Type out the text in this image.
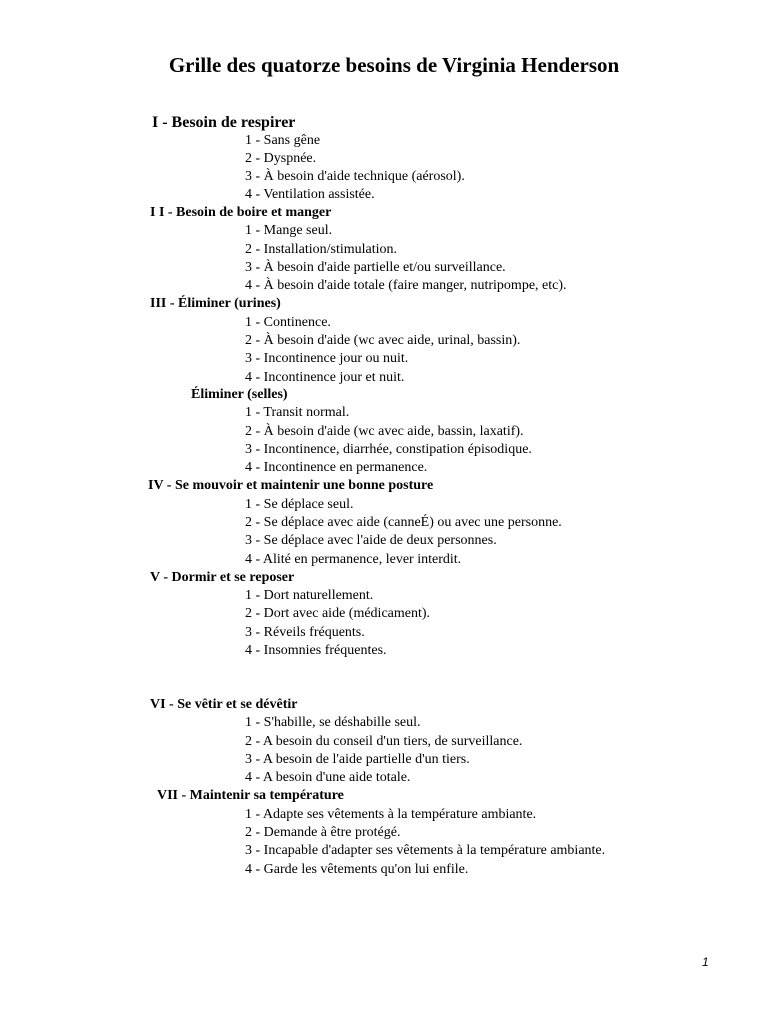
Grille des quatorze besoins de Virginia Henderson
I - Besoin de respirer
1 - Sans gêne
2 - Dyspnée.
3 - À besoin d'aide technique (aérosol).
4 - Ventilation assistée.
I I - Besoin de boire et manger
1 - Mange seul.
2 - Installation/stimulation.
3 - À besoin d'aide partielle et/ou surveillance.
4 - À besoin d'aide totale (faire manger, nutripompe, etc).
III - Éliminer (urines)
1 - Continence.
2 - À besoin d'aide (wc avec aide, urinal, bassin).
3 - Incontinence jour ou nuit.
4 - Incontinence jour et nuit.
Éliminer (selles)
1 - Transit normal.
2 - À besoin d'aide (wc avec aide, bassin, laxatif).
3 - Incontinence, diarrhée, constipation épisodique.
4 - Incontinence en permanence.
IV - Se mouvoir et maintenir une bonne posture
1 - Se déplace seul.
2 - Se déplace avec aide (canneÉ) ou avec une personne.
3 - Se déplace avec l'aide de deux personnes.
4 - Alité en permanence, lever interdit.
V - Dormir et se reposer
1 - Dort naturellement.
2 - Dort avec aide (médicament).
3 - Réveils fréquents.
4 - Insomnies fréquentes.
VI - Se vêtir et se dévêtir
1 - S'habille, se déshabille seul.
2 - A besoin du conseil d'un tiers, de surveillance.
3 - A besoin de l'aide partielle d'un tiers.
4 - A besoin d'une aide totale.
VII - Maintenir sa température
1 - Adapte ses vêtements à la température ambiante.
2 - Demande à être protégé.
3 - Incapable d'adapter ses vêtements à la température ambiante.
4 - Garde les vêtements qu'on lui enfile.
1
